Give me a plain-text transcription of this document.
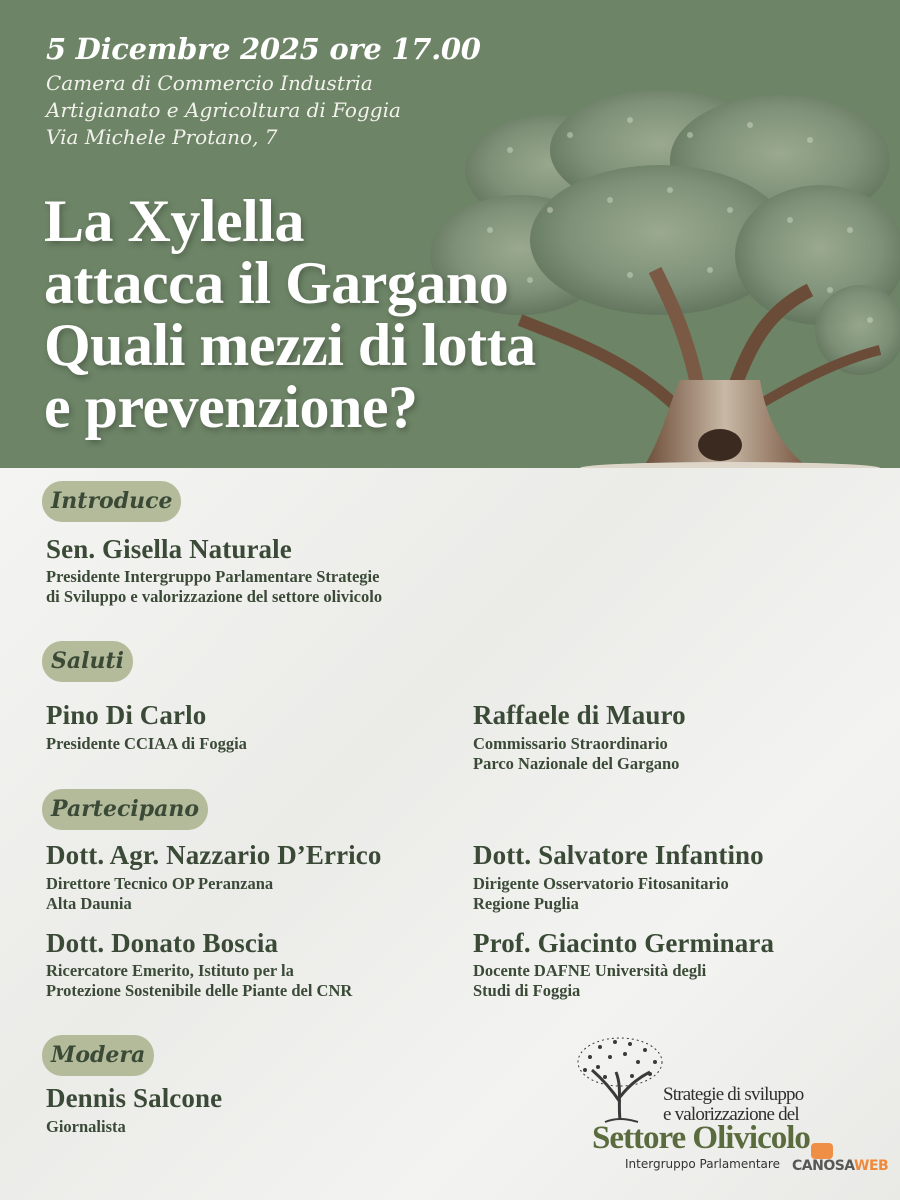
5 Dicembre 2025 ore 17.00
Camera di Commercio Industria
Artigianato e Agricoltura di Foggia
Via Michele Protano, 7
La Xylella
attacca il Gargano
Quali mezzi di lotta
e prevenzione?
Introduce
Sen. Gisella Naturale
Presidente Intergruppo Parlamentare Strategie
di Sviluppo e valorizzazione del settore olivicolo
Saluti
Pino Di Carlo
Presidente CCIAA di Foggia
Raffaele di Mauro
Commissario Straordinario
Parco Nazionale del Gargano
Partecipano
Dott. Agr. Nazzario D’Errico
Direttore Tecnico OP Peranzana
Alta Daunia
Dott. Salvatore Infantino
Dirigente Osservatorio Fitosanitario
Regione Puglia
Dott. Donato Boscia
Ricercatore Emerito, Istituto per la
Protezione Sostenibile delle Piante del CNR
Prof. Giacinto Germinara
Docente DAFNE Università degli
Studi di Foggia
Modera
Dennis Salcone
Giornalista
Strategie di sviluppo
e valorizzazione del
Settore Olivicolo
Intergruppo Parlamentare CANOSAWEB
